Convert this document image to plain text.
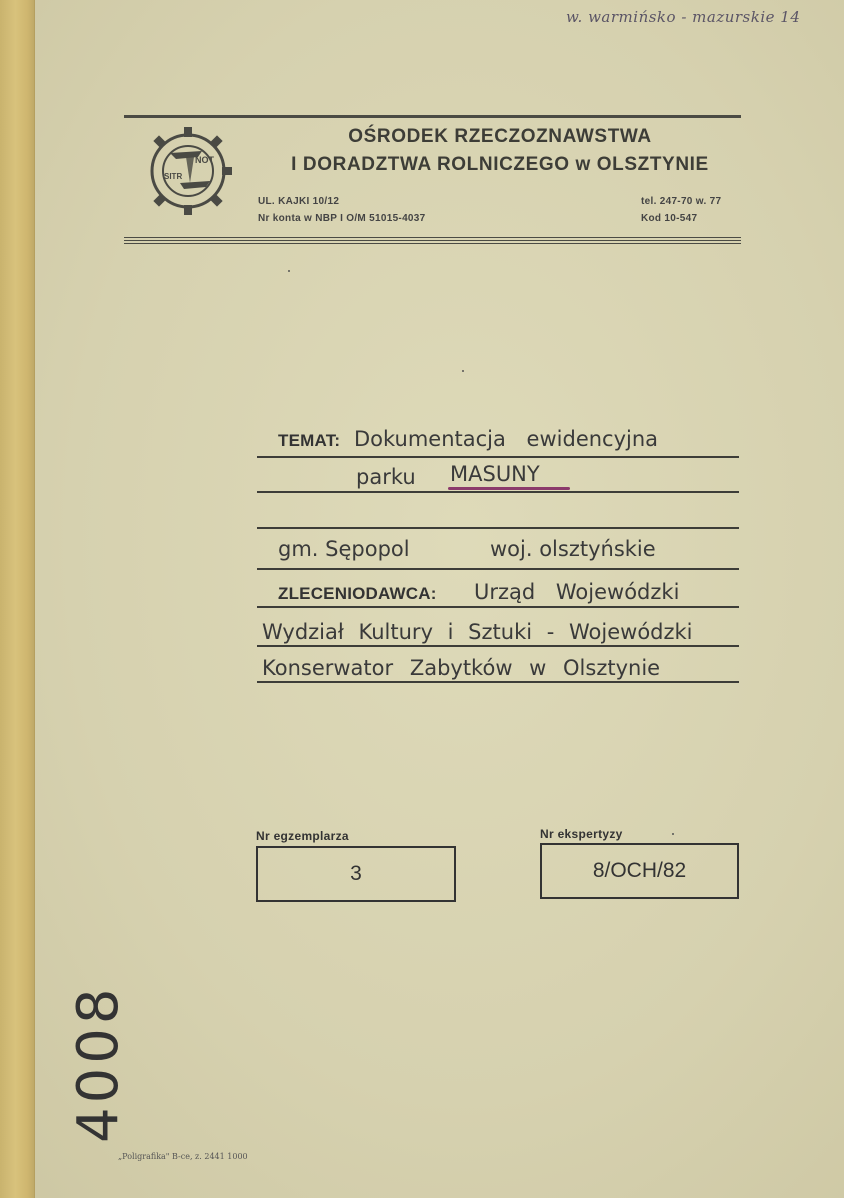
w. warmińsko - mazurskie 14
NOT
SITR
OŚRODEK RZECZOZNAWSTWA
I DORADZTWA ROLNICZEGO w OLSZTYNIE
UL. KAJKI 10/12
Nr konta w NBP I O/M 51015-4037
tel. 247-70 w. 77
Kod 10-547
TEMAT: Dokumentacja ewidencyjna
parku MASUNY
gm. Sępopol	woj. olsztyńskie
ZLECENIODAWCA: Urząd Wojewódzki
Wydział Kultury i Sztuki - Wojewódzki
Konserwator Zabytków w Olsztynie
Nr egzemplarza
3
Nr ekspertyzy
8/OCH/82
4008
„Poligrafika" B-ce, z. 2441 1000
